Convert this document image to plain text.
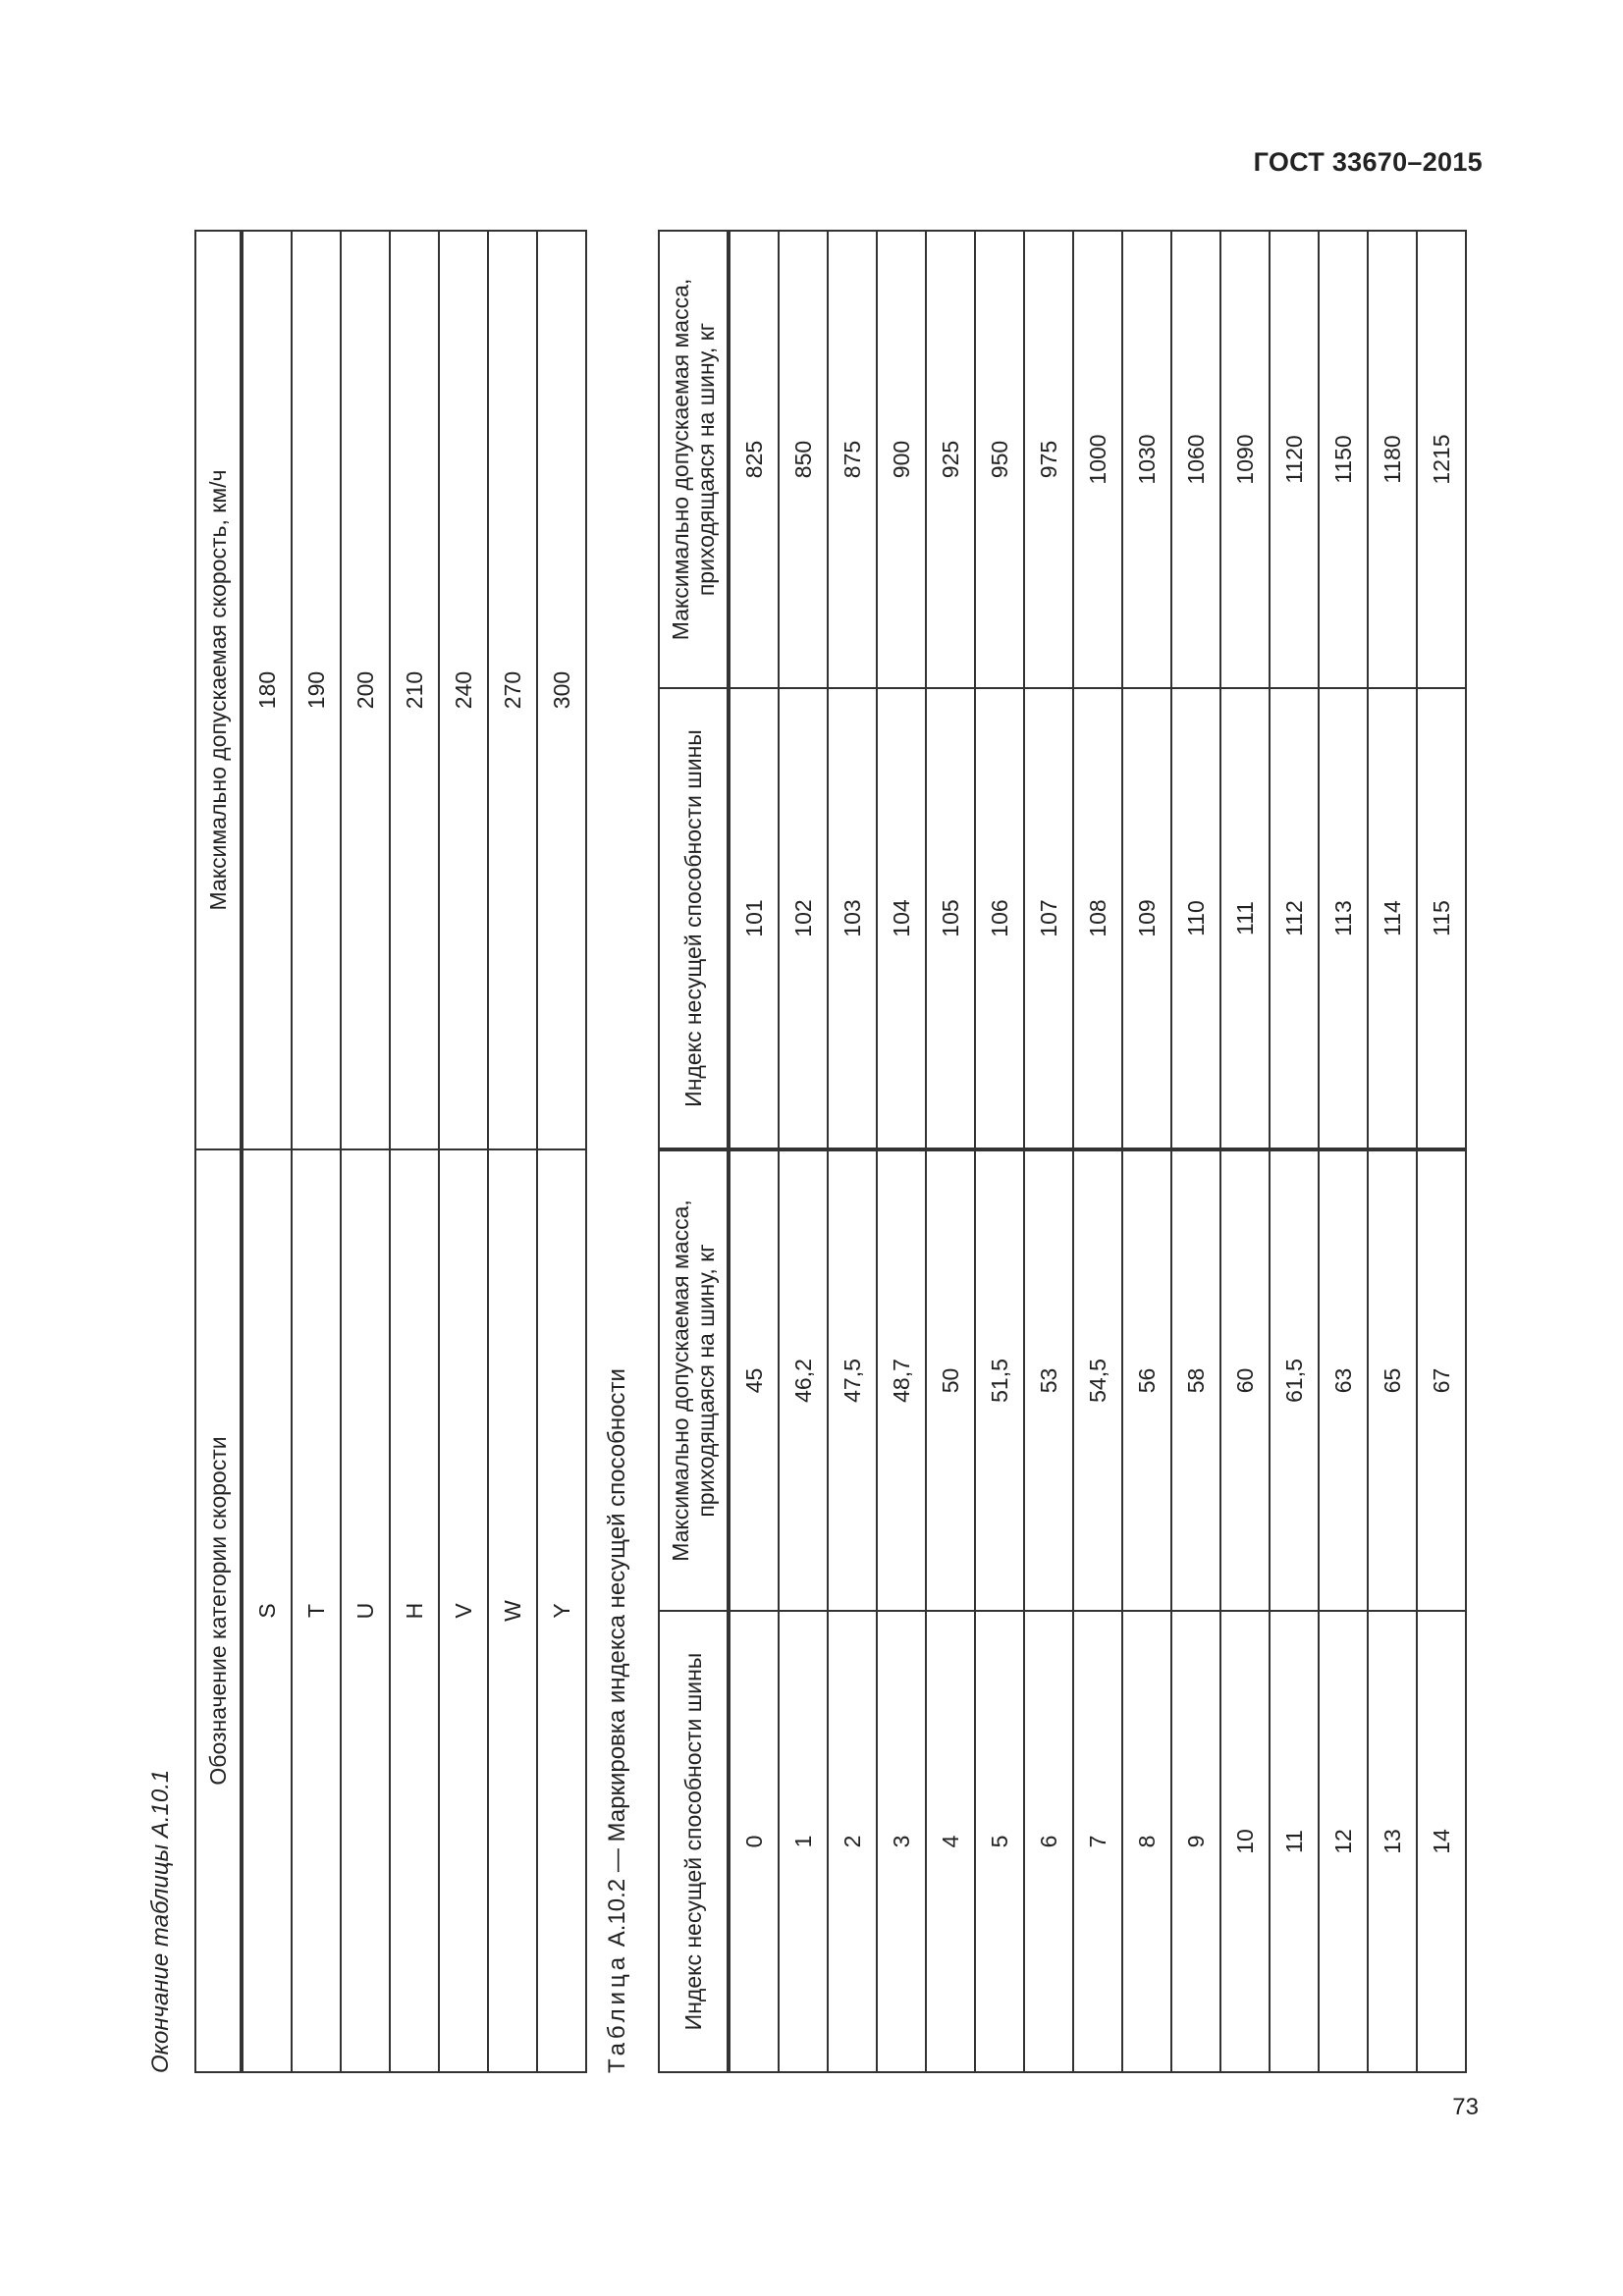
ГОСТ 33670–2015
Окончание таблицы А.10.1
Обозначение категории скорости	Максимально допускаемая скорость, км/ч
S	180
T	190
U	200
H	210
V	240
W	270
Y	300
Таблица А.10.2 — Маркировка индекса несущей способности Индекс несущей способности шины	Максимально допускаемая масса, приходящаяся на шину, кг	Индекс несущей способности шины	Максимально допускаемая масса, приходящаяся на шину, кг
0	45	101	825
1	46,2	102	850
2	47,5	103	875
3	48,7	104	900
4	50	105	925
5	51,5	106	950
6	53	107	975
7	54,5	108	1000
8	56	109	1030
9	58	110	1060
10	60	111	1090
11	61,5	112	1120
12	63	113	1150
13	65	114	1180
14	67	115	1215
73
